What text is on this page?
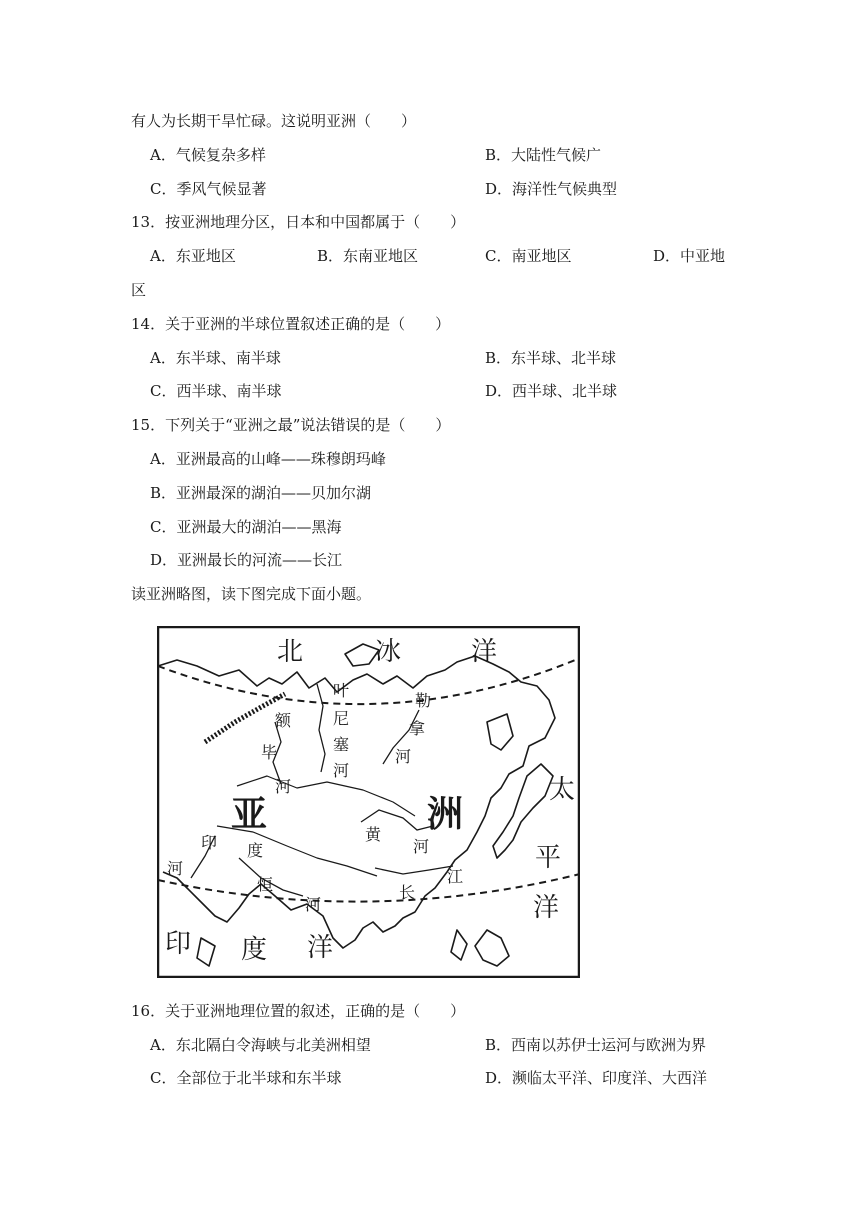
有人为长期干旱忙碌。这说明亚洲（　　）
A．气候复杂多样	B．大陆性气候广
C．季风气候显著	D．海洋性气候典型
13．按亚洲地理分区，日本和中国都属于（　　）
A．东亚地区	B．东南亚地区	C．南亚地区	D．中亚地
区
14．关于亚洲的半球位置叙述正确的是（　　）
A．东半球、南半球	B．东半球、北半球
C．西半球、南半球	D．西半球、北半球
15．下列关于“亚洲之最”说法错误的是（　　）
A．亚洲最高的山峰——珠穆朗玛峰
B．亚洲最深的湖泊——贝加尔湖
C．亚洲最大的湖泊——黑海
D．亚洲最长的河流——长江
读亚洲略图，读下图完成下面小题。
北	冰	洋
太
平
洋
印 度 洋
亚	洲
额
毕
河
叶
尼
塞
河
勒
拿
河
黄
河
长
江
印 度
河
恒
河
16．关于亚洲地理位置的叙述，正确的是（　　）
A．东北隔白令海峡与北美洲相望	B．西南以苏伊士运河与欧洲为界
C．全部位于北半球和东半球	D．濒临太平洋、印度洋、大西洋
